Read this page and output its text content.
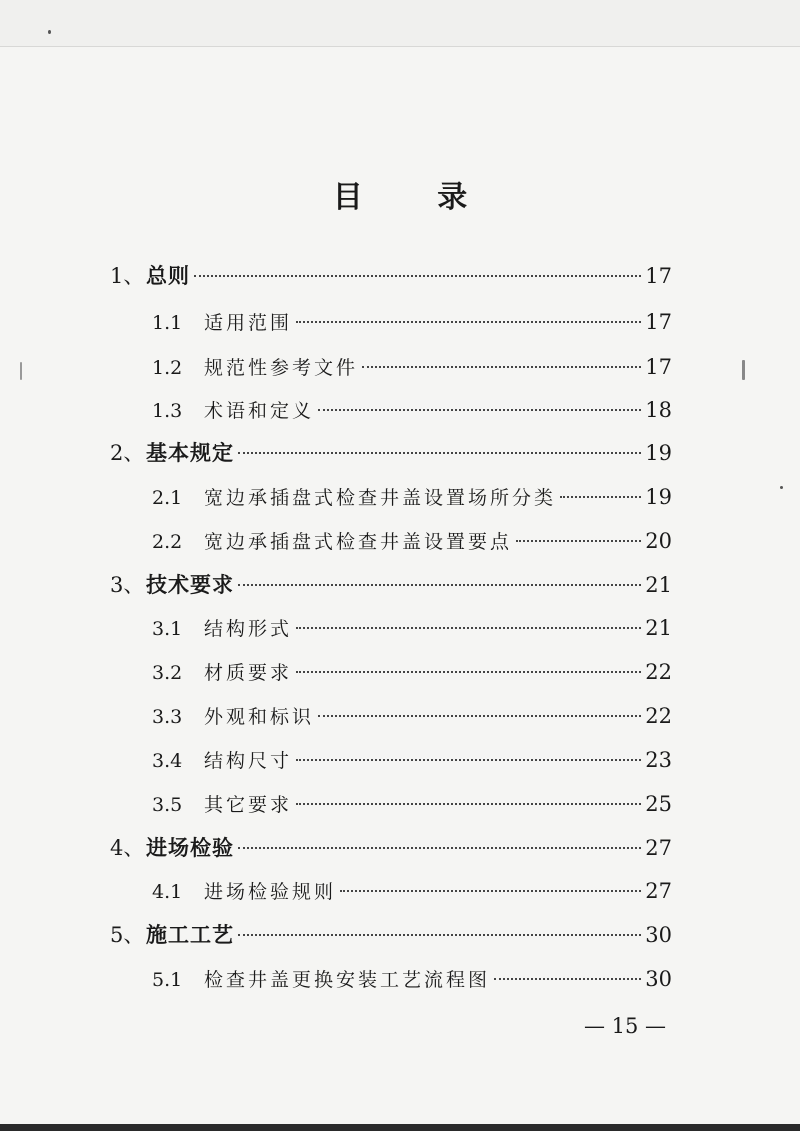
目 录
1、 总则	17
1.1	适用范围	17
1.2	规范性参考文件	17
1.3	术语和定义	18
2、 基本规定	19
2.1	宽边承插盘式检查井盖设置场所分类	19
2.2	宽边承插盘式检查井盖设置要点	20
3、 技术要求	21
3.1	结构形式	21
3.2	材质要求	22
3.3	外观和标识	22
3.4	结构尺寸	23
3.5	其它要求	25
4、 进场检验	27
4.1	进场检验规则	27
5、 施工工艺	30
5.1	检查井盖更换安装工艺流程图	30
— 15 —
